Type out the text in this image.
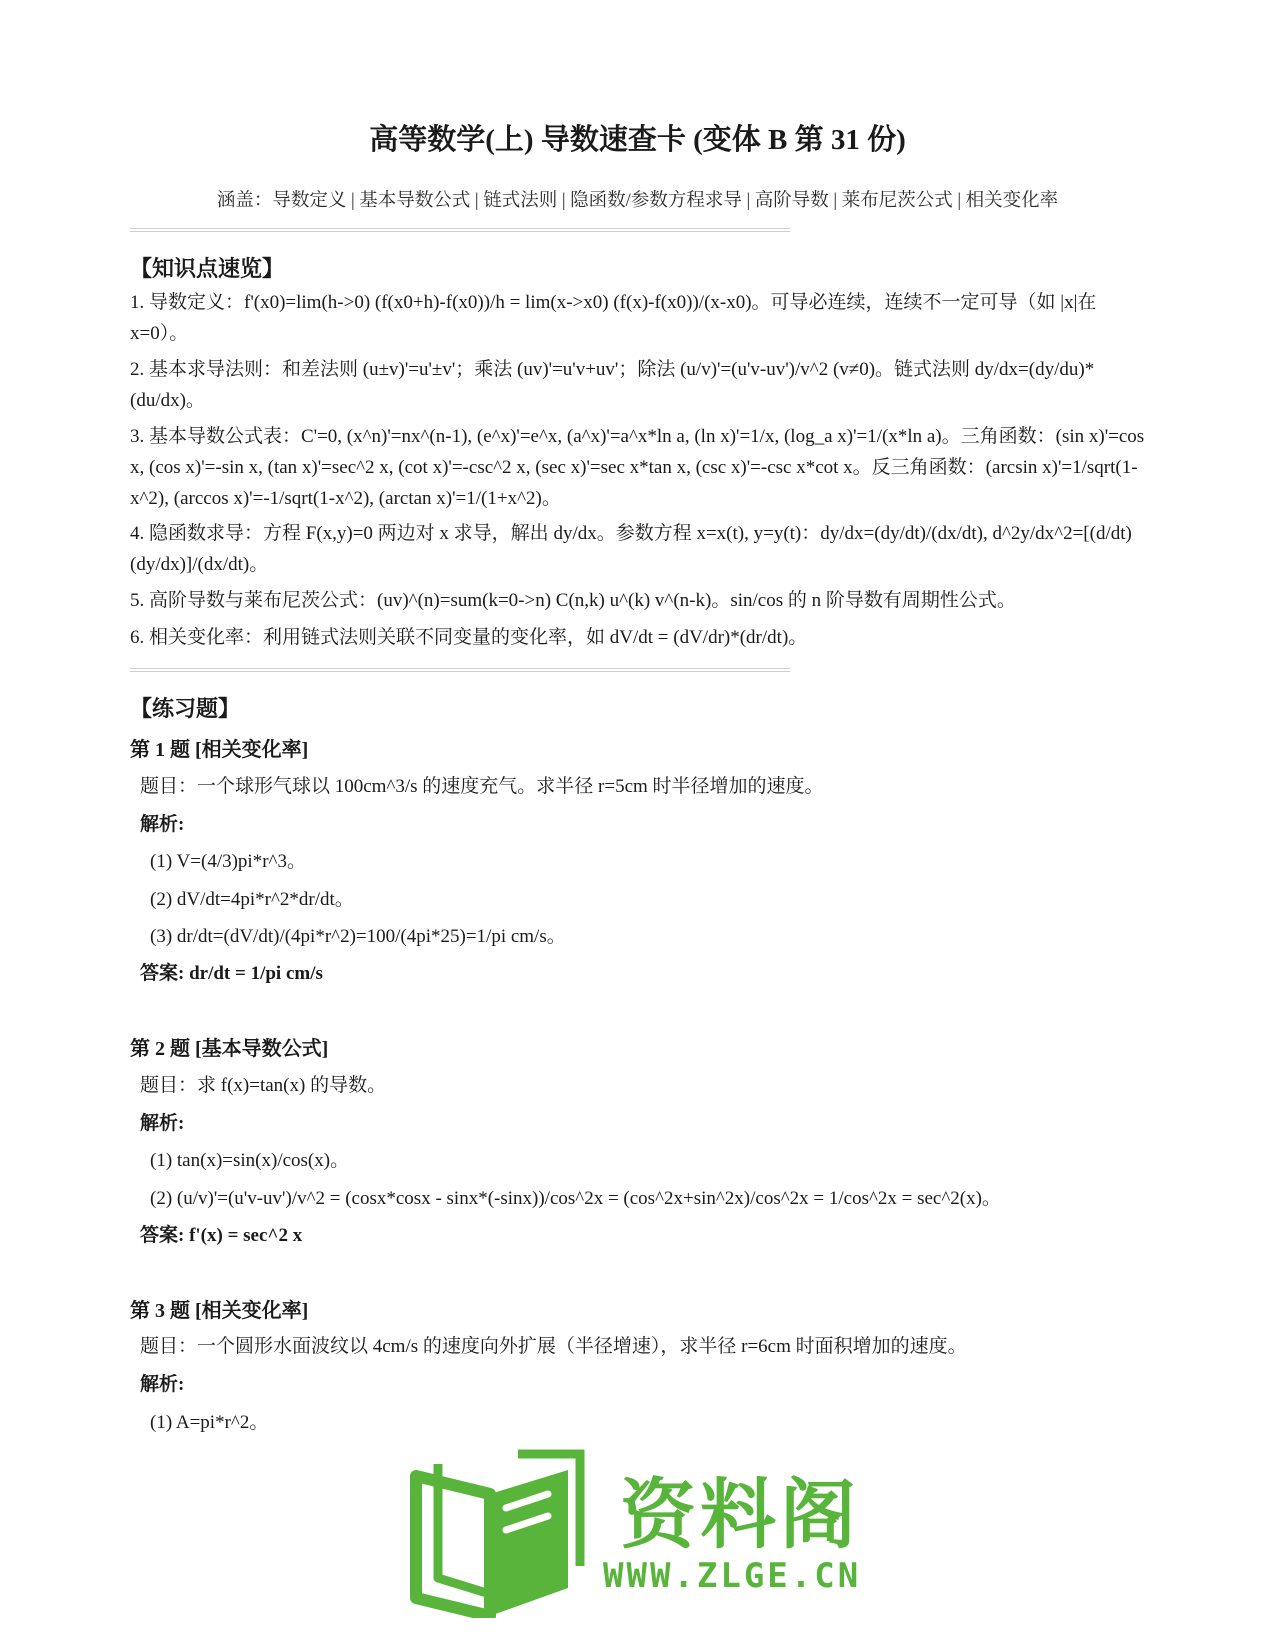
高等数学(上) 导数速查卡 (变体 B 第 31 份)
涵盖：导数定义 | 基本导数公式 | 链式法则 | 隐函数/参数方程求导 | 高阶导数 | 莱布尼茨公式 | 相关变化率
【知识点速览】
1. 导数定义：f'(x0)=lim(h->0) (f(x0+h)-f(x0))/h = lim(x->x0) (f(x)-f(x0))/(x-x0)。可导必连续，连续不一定可导（如 |x|在 x=0）。
2. 基本求导法则：和差法则 (u±v)'=u'±v'；乘法 (uv)'=u'v+uv'；除法 (u/v)'=(u'v-uv')/v^2 (v≠0)。链式法则 dy/dx=(dy/du)*(du/dx)。
3. 基本导数公式表：C'=0, (x^n)'=nx^(n-1), (e^x)'=e^x, (a^x)'=a^x*ln a, (ln x)'=1/x, (log_a x)'=1/(x*ln a)。三角函数：(sin x)'=cos x, (cos x)'=-sin x, (tan x)'=sec^2 x, (cot x)'=-csc^2 x, (sec x)'=sec x*tan x, (csc x)'=-csc x*cot x。反三角函数：(arcsin x)'=1/sqrt(1-x^2), (arccos x)'=-1/sqrt(1-x^2), (arctan x)'=1/(1+x^2)。
4. 隐函数求导：方程 F(x,y)=0 两边对 x 求导，解出 dy/dx。参数方程 x=x(t), y=y(t)：dy/dx=(dy/dt)/(dx/dt), d^2y/dx^2=[(d/dt)(dy/dx)]/(dx/dt)。
5. 高阶导数与莱布尼茨公式：(uv)^(n)=sum(k=0->n) C(n,k) u^(k) v^(n-k)。sin/cos 的 n 阶导数有周期性公式。
6. 相关变化率：利用链式法则关联不同变量的变化率，如 dV/dt = (dV/dr)*(dr/dt)。
【练习题】
第 1 题 [相关变化率]
题目：一个球形气球以 100cm^3/s 的速度充气。求半径 r=5cm 时半径增加的速度。
解析:
(1) V=(4/3)pi*r^3。
(2) dV/dt=4pi*r^2*dr/dt。
(3) dr/dt=(dV/dt)/(4pi*r^2)=100/(4pi*25)=1/pi cm/s。
答案: dr/dt = 1/pi cm/s
第 2 题 [基本导数公式]
题目：求 f(x)=tan(x) 的导数。
解析:
(1) tan(x)=sin(x)/cos(x)。
(2) (u/v)'=(u'v-uv')/v^2 = (cosx*cosx - sinx*(-sinx))/cos^2x = (cos^2x+sin^2x)/cos^2x = 1/cos^2x = sec^2(x)。
答案: f'(x) = sec^2 x
第 3 题 [相关变化率]
题目：一个圆形水面波纹以 4cm/s 的速度向外扩展（半径增速），求半径 r=6cm 时面积增加的速度。
解析:
(1) A=pi*r^2。
资料阁
WWW.ZLGE.CN
